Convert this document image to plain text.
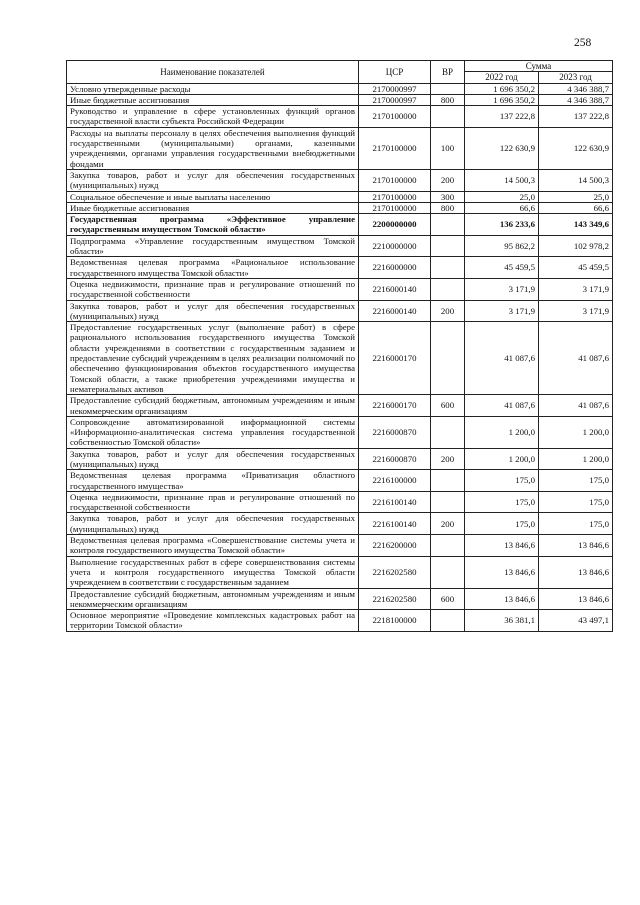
258
Наименование показателей	ЦСР	ВР	Сумма	
			2022 год	2023 год
Условно утвержденные расходы	2170000997		1 696 350,2	4 346 388,7
Иные бюджетные ассигнования	2170000997	800	1 696 350,2	4 346 388,7
Руководство и управление в сфере установленных функций органов государственной власти субъекта Российской Федерации	2170100000		137 222,8	137 222,8
Расходы на выплаты персоналу в целях обеспечения выполнения функций государственными (муниципальными) органами, казенными учреждениями, органами управления государственными внебюджетными фондами	2170100000	100	122 630,9	122 630,9
Закупка товаров, работ и услуг для обеспечения государственных (муниципальных) нужд	2170100000	200	14 500,3	14 500,3
Социальное обеспечение и иные выплаты населению	2170100000	300	25,0	25,0
Иные бюджетные ассигнования	2170100000	800	66,6	66,6
Государственная программа «Эффективное управление государственным имуществом Томской области»	2200000000		136 233,6	143 349,6
Подпрограмма «Управление государственным имуществом Томской области»	2210000000		95 862,2	102 978,2
Ведомственная целевая программа «Рациональное использование государственного имущества Томской области»	2216000000		45 459,5	45 459,5
Оценка недвижимости, признание прав и регулирование отношений по государственной собственности	2216000140		3 171,9	3 171,9
Закупка товаров, работ и услуг для обеспечения государственных (муниципальных) нужд	2216000140	200	3 171,9	3 171,9
Предоставление государственных услуг (выполнение работ) в сфере рационального использования государственного имущества Томской области учреждениями в соответствии с государственным заданием и предоставление субсидий учреждениям в целях реализации полномочий по обеспечению функционирования объектов государственного имущества Томской области, а также приобретения учреждениями имущества и нематериальных активов	2216000170		41 087,6	41 087,6
Предоставление субсидий бюджетным, автономным учреждениям и иным некоммерческим организациям	2216000170	600	41 087,6	41 087,6
Сопровождение автоматизированной информационной системы «Информационно-аналитическая система управления государственной собственностью Томской области»	2216000870		1 200,0	1 200,0
Закупка товаров, работ и услуг для обеспечения государственных (муниципальных) нужд	2216000870	200	1 200,0	1 200,0
Ведомственная целевая программа «Приватизация областного государственного имущества»	2216100000		175,0	175,0
Оценка недвижимости, признание прав и регулирование отношений по государственной собственности	2216100140		175,0	175,0
Закупка товаров, работ и услуг для обеспечения государственных (муниципальных) нужд	2216100140	200	175,0	175,0
Ведомственная целевая программа «Совершенствование системы учета и контроля государственного имущества Томской области»	2216200000		13 846,6	13 846,6
Выполнение государственных работ в сфере совершенствования системы учета и контроля государственного имущества Томской области учреждением в соответствии с государственным заданием	2216202580		13 846,6	13 846,6
Предоставление субсидий бюджетным, автономным учреждениям и иным некоммерческим организациям	2216202580	600	13 846,6	13 846,6
Основное мероприятие «Проведение комплексных кадастровых работ на территории Томской области»	2218100000		36 381,1	43 497,1
